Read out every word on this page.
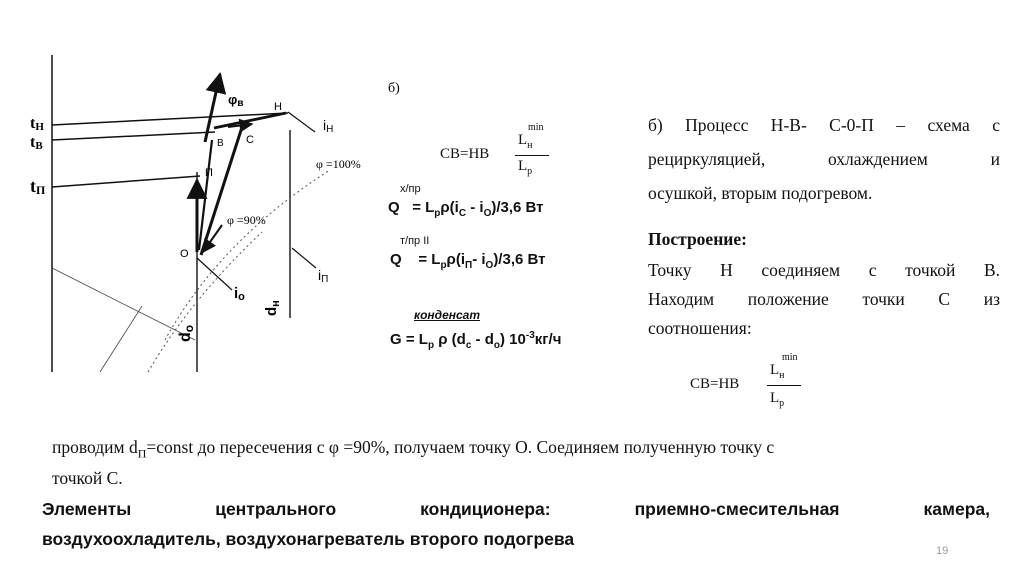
б)
tН
tВ
tП
φв	Н
В С
П
О
iН
φ =100%
φ =90%
iП
iо
dо
$d_н$
CB=HB
min
$L_н$
$L_р$
х/пр
$Q = L_р\rho(i_С - i_О)/3,6$ Вт
т/пр II
$Q = L_р\rho(i_П-$ $i_О)/3,6$ Вт
конденсат
$G = L_р$ ρ $(d_с - d_о)$ $10^{-3}кг/ч$
б) Процесс Н-В- С-0-П – схема с
рециркуляцией, охлаждением и
осушкой, вторым подогревом.
Построение:
Точку Н соединяем с точкой В.
Находим положение точки С из
соотношения:
CB=HB
min
$L_н$
$L_р$
проводим $d_П=const$ до пересечения с φ =90%, получаем точку О. Соединяем полученную точку с
точкой С.
Элементы центрального кондиционера: приемно-смесительная камера,
воздухоохладитель, воздухонагреватель второго подогрева
19
